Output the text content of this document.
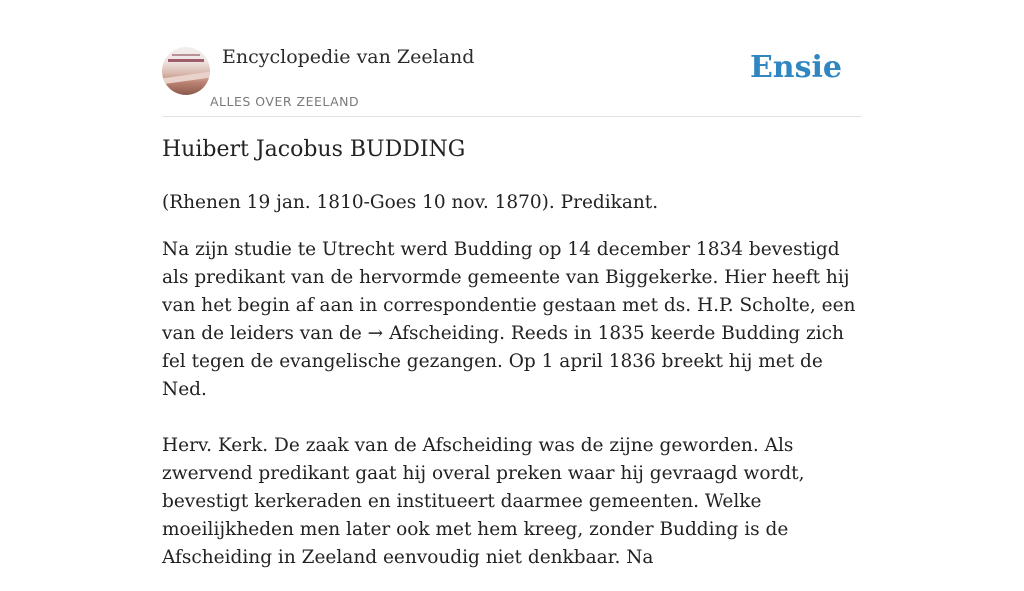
Encyclopedie van Zeeland
ALLES OVER ZEELAND
Ensie
Huibert Jacobus BUDDING

(Rhenen 19 jan. 1810-Goes 10 nov. 1870). Predikant.

Na zijn studie te Utrecht werd Budding op 14 december 1834 bevestigd als predikant van de hervormde gemeente van Biggekerke. Hier heeft hij van het begin af aan in correspondentie gestaan met ds. H.P. Scholte, een van de leiders van de → Afscheiding. Reeds in 1835 keerde Budding zich fel tegen de evangelische gezangen. Op 1 april 1836 breekt hij met de Ned.

Herv. Kerk. De zaak van de Afscheiding was de zijne geworden. Als zwervend predikant gaat hij overal preken waar hij gevraagd wordt, bevestigt kerkeraden en institueert daarmee gemeenten. Welke moeilijkheden men later ook met hem kreeg, zonder Budding is de Afscheiding in Zeeland eenvoudig niet denkbaar. Na
